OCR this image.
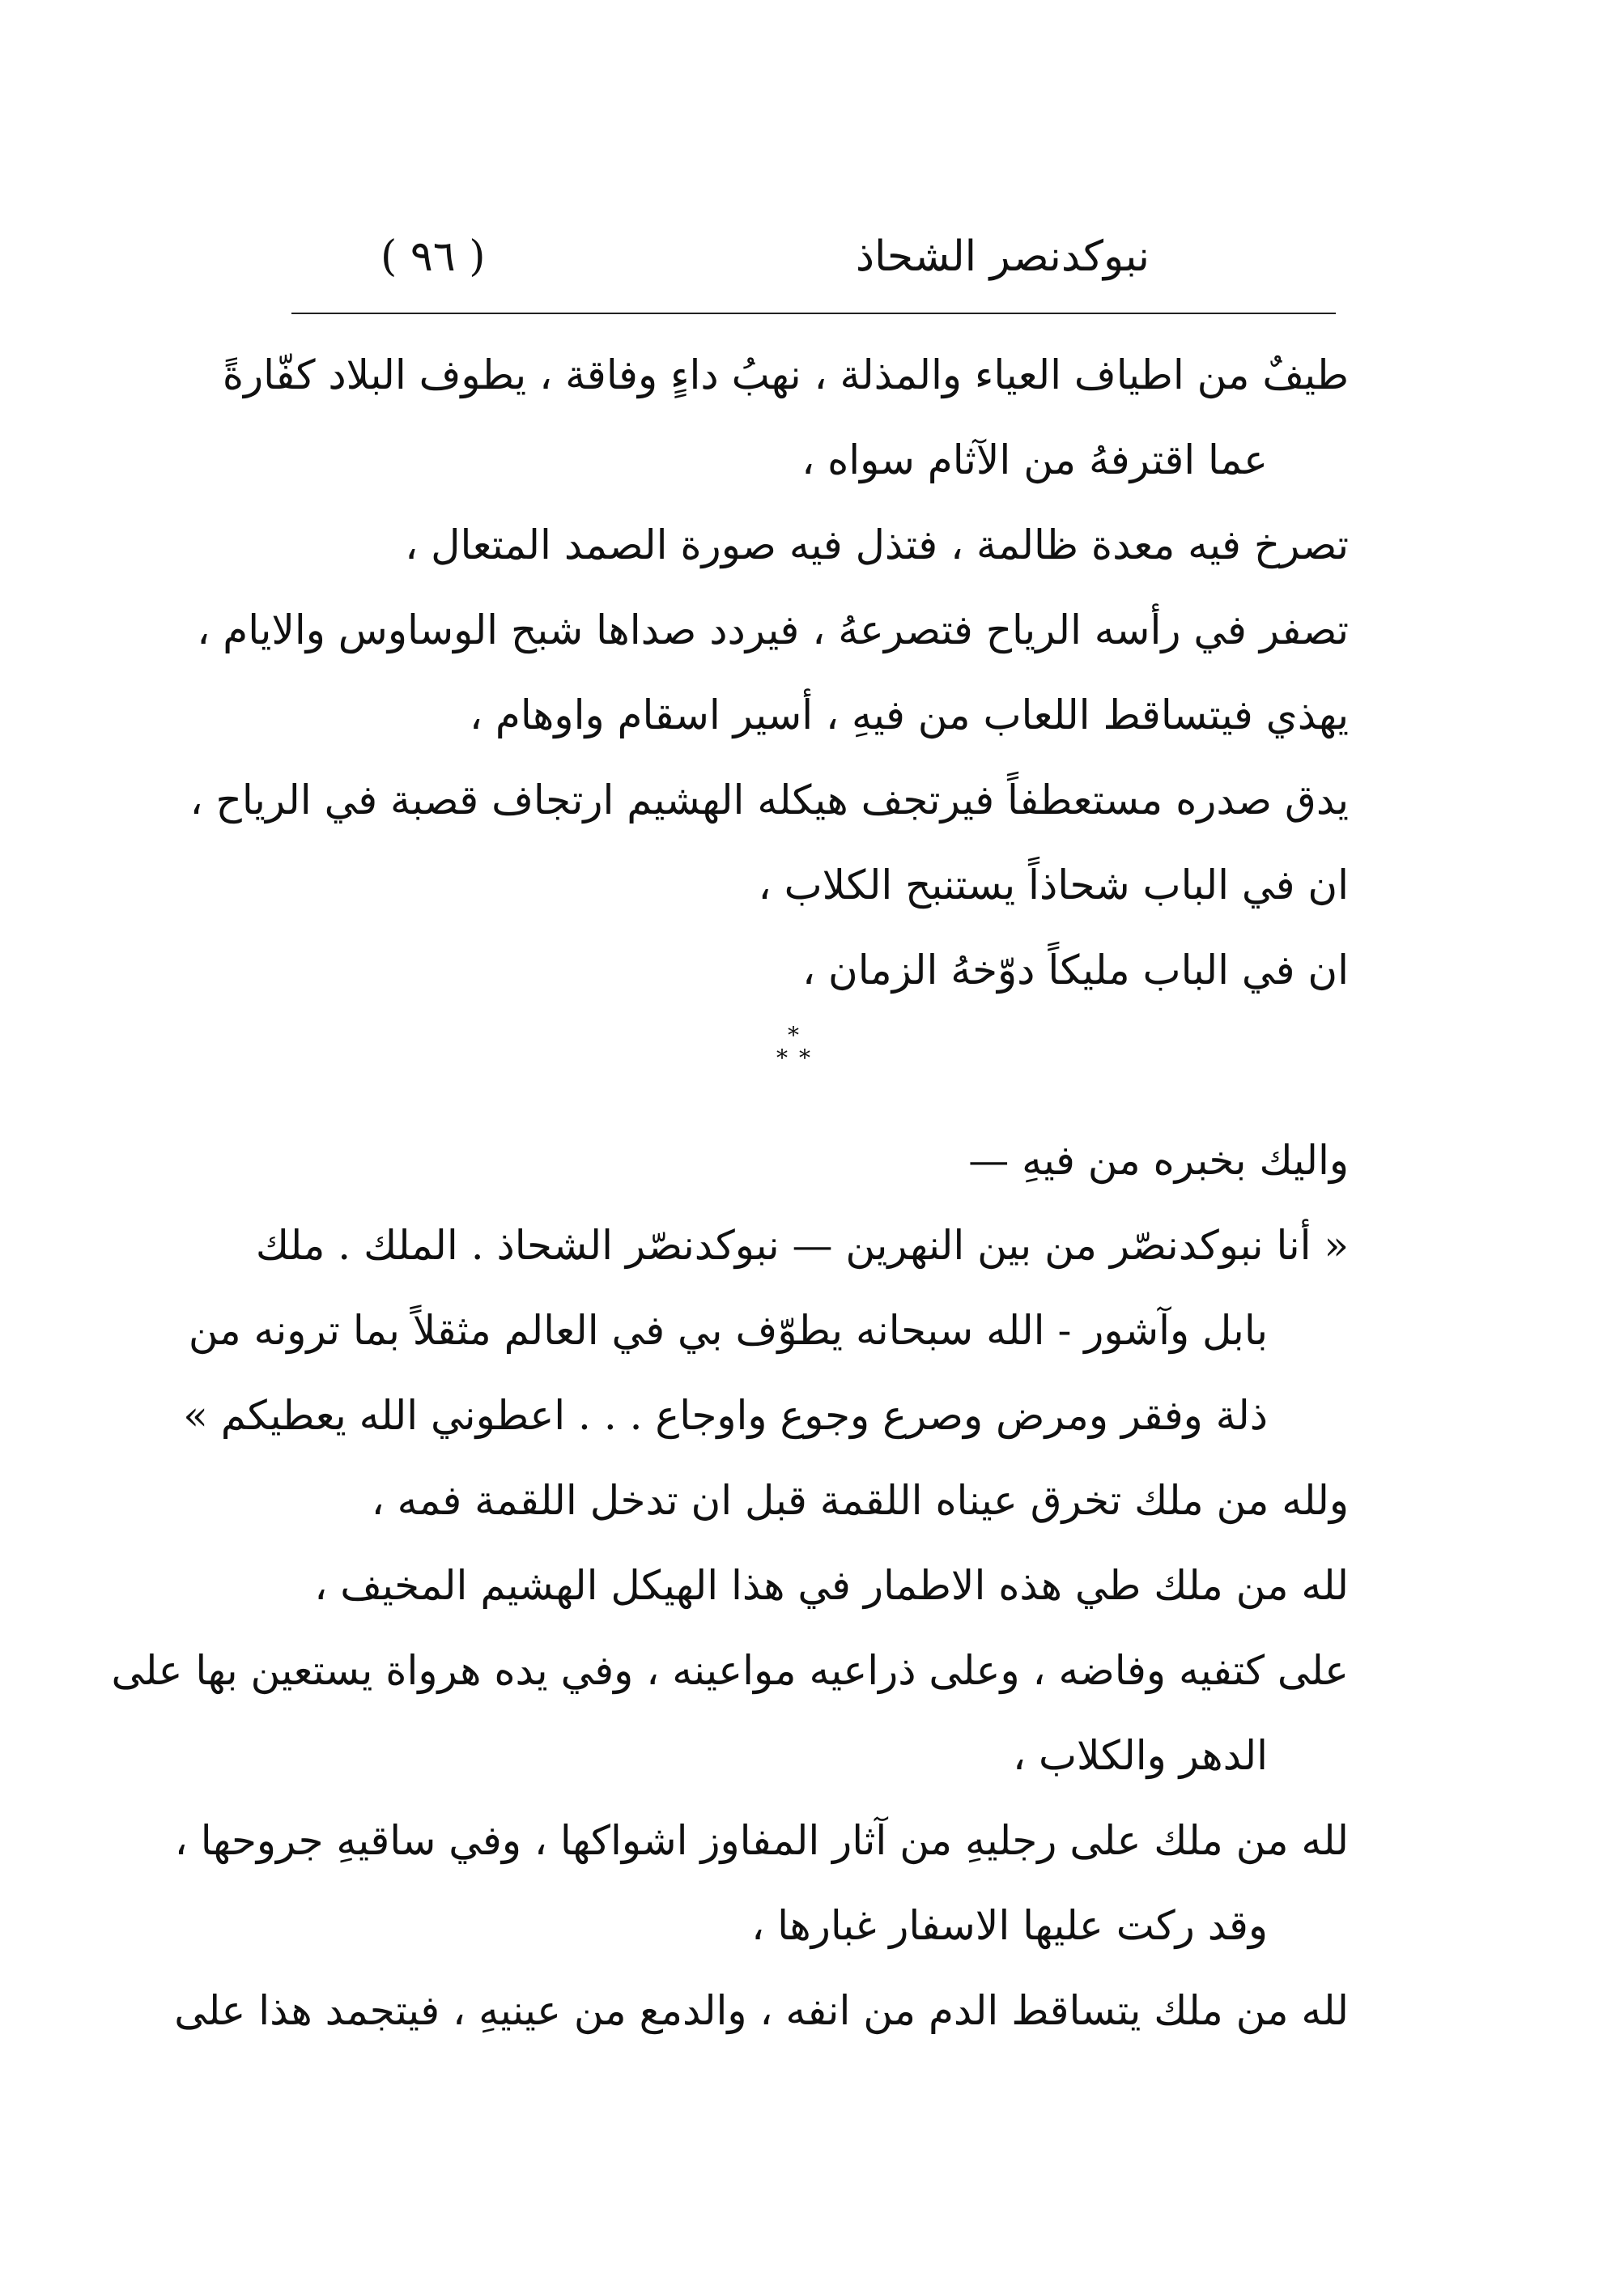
نبوكدنصر الشحاذ
( ٩٦ )
طيفٌ من اطياف العياء والمذلة ، نهبُ داءٍ وفاقة ، يطوف البلاد كفّارةً
عما اقترفهُ من الآثام سواه ،
تصرخ فيه معدة ظالمة ، فتذل فيه صورة الصمد المتعال ،
تصفر في رأسه الرياح فتصرعهُ ، فيردد صداها شبح الوساوس والايام ،
يهذي فيتساقط اللعاب من فيهِ ، أسير اسقام واوهام ،
يدق صدره مستعطفاً فيرتجف هيكله الهشيم ارتجاف قصبة في الرياح ،
ان في الباب شحاذاً يستنبح الكلاب ،
ان في الباب مليكاً دوّخهُ الزمان ،
*
**
واليك بخبره من فيهِ —
« أنا نبوكدنصّر من بين النهرين — نبوكدنصّر الشحاذ . الملك . ملك
بابل وآشور - الله سبحانه يطوّف بي في العالم مثقلاً بما ترونه من
ذلة وفقر ومرض وصرع وجوع واوجاع . . . اعطوني الله يعطيكم »
ولله من ملك تخرق عيناه اللقمة قبل ان تدخل اللقمة فمه ،
لله من ملك طي هذه الاطمار في هذا الهيكل الهشيم المخيف ،
على كتفيه وفاضه ، وعلى ذراعيه مواعينه ، وفي يده هرواة يستعين بها على
الدهر والكلاب ،
لله من ملك على رجليهِ من آثار المفاوز اشواكها ، وفي ساقيهِ جروحها ،
وقد ركت عليها الاسفار غبارها ،
لله من ملك يتساقط الدم من انفه ، والدمع من عينيهِ ، فيتجمد هذا على
